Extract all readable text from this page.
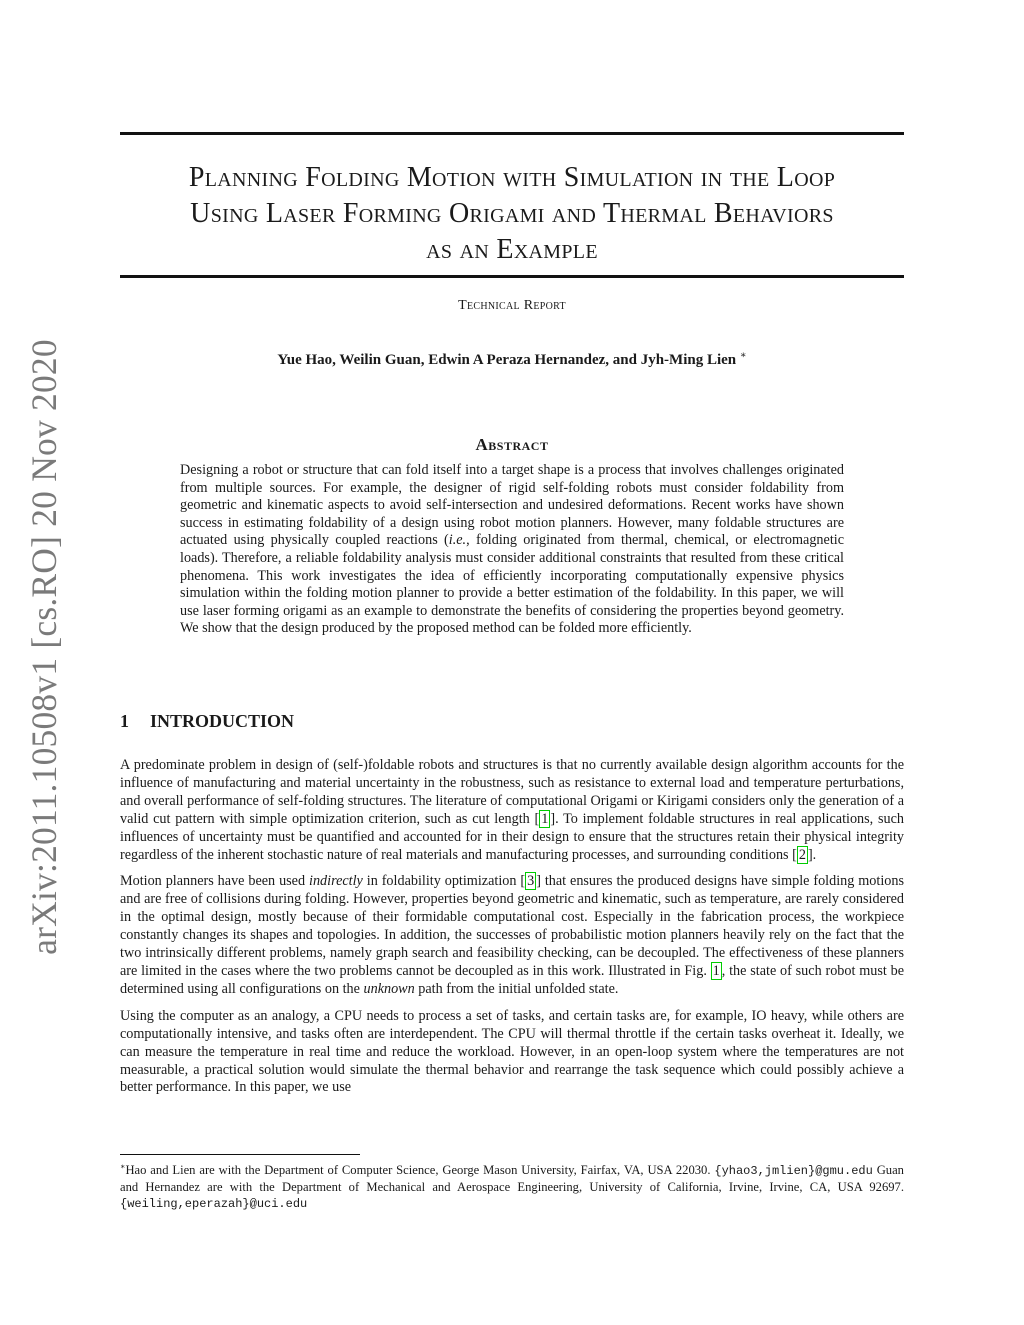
arXiv:2011.10508v1 [cs.RO] 20 Nov 2020
Planning Folding Motion with Simulation in the Loop
Using Laser Forming Origami and Thermal Behaviors
as an Example
Technical Report
Yue Hao, Weilin Guan, Edwin A Peraza Hernandez, and Jyh-Ming Lien ∗
Abstract

Designing a robot or structure that can fold itself into a target shape is a process that involves challenges originated from multiple sources. For example, the designer of rigid self-folding robots must consider foldability from geometric and kinematic aspects to avoid self-intersection and undesired deformations. Recent works have shown success in estimating foldability of a design using robot motion planners. However, many foldable structures are actuated using physically coupled reactions (i.e., folding originated from thermal, chemical, or electromagnetic loads). Therefore, a reliable foldability analysis must consider additional constraints that resulted from these critical phenomena. This work investigates the idea of efficiently incorporating computationally expensive physics simulation within the folding motion planner to provide a better estimation of the foldability. In this paper, we will use laser forming origami as an example to demonstrate the benefits of considering the properties beyond geometry. We show that the design produced by the proposed method can be folded more efficiently.

1 INTRODUCTION

A predominate problem in design of (self-)foldable robots and structures is that no currently available design algorithm accounts for the influence of manufacturing and material uncertainty in the robustness, such as resistance to external load and temperature perturbations, and overall performance of self-folding structures. The literature of computational Origami or Kirigami considers only the generation of a valid cut pattern with simple optimization criterion, such as cut length [ 1 ]. To implement foldable structures in real applications, such influences of uncertainty must be quantified and accounted for in their design to ensure that the structures retain their physical integrity regardless of the inherent stochastic nature of real materials and manufacturing processes, and surrounding conditions [ 2 ].

Motion planners have been used indirectly in foldability optimization [ 3 ] that ensures the produced designs have simple folding motions and are free of collisions during folding. However, properties beyond geometric and kinematic, such as temperature, are rarely considered in the optimal design, mostly because of their formidable computational cost. Especially in the fabrication process, the workpiece constantly changes its shapes and topologies. In addition, the successes of probabilistic motion planners heavily rely on the fact that the two intrinsically different problems, namely graph search and feasibility checking, can be decoupled. The effectiveness of these planners are limited in the cases where the two problems cannot be decoupled as in this work. Illustrated in Fig. 1 , the state of such robot must be determined using all configurations on the unknown path from the initial unfolded state.

Using the computer as an analogy, a CPU needs to process a set of tasks, and certain tasks are, for example, IO heavy, while others are computationally intensive, and tasks often are interdependent. The CPU will thermal throttle if the certain tasks overheat it. Ideally, we can measure the temperature in real time and reduce the workload. However, in an open-loop system where the temperatures are not measurable, a practical solution would simulate the thermal behavior and rearrange the task sequence which could possibly achieve a better performance. In this paper, we use

∗Hao and Lien are with the Department of Computer Science, George Mason University, Fairfax, VA, USA 22030. {yhao3,jmlien}@gmu.edu Guan and Hernandez are with the Department of Mechanical and Aerospace Engineering, University of California, Irvine, Irvine, CA, USA 92697. {weiling,eperazah}@uci.edu
